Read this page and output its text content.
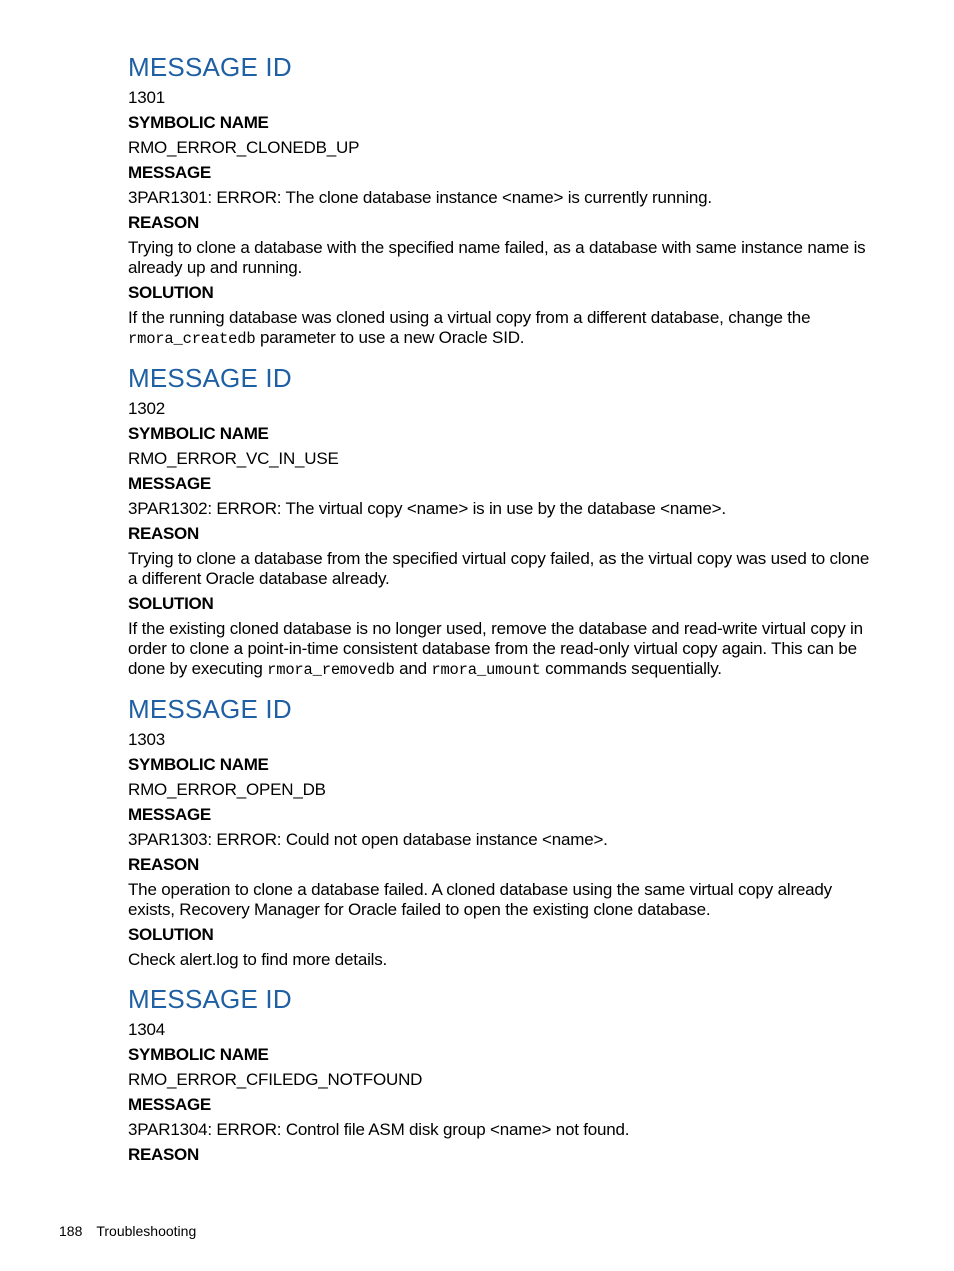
MESSAGE ID
1301
SYMBOLIC NAME
RMO_ERROR_CLONEDB_UP
MESSAGE
3PAR1301: ERROR: The clone database instance <name> is currently running.
REASON
Trying to clone a database with the specified name failed, as a database with same instance name is already up and running.
SOLUTION
If the running database was cloned using a virtual copy from a different database, change the rmora_createdb parameter to use a new Oracle SID.
MESSAGE ID
1302
SYMBOLIC NAME
RMO_ERROR_VC_IN_USE
MESSAGE
3PAR1302: ERROR: The virtual copy <name> is in use by the database <name>.
REASON
Trying to clone a database from the specified virtual copy failed, as the virtual copy was used to clone a different Oracle database already.
SOLUTION
If the existing cloned database is no longer used, remove the database and read-write virtual copy in order to clone a point-in-time consistent database from the read-only virtual copy again. This can be done by executing rmora_removedb and rmora_umount commands sequentially.
MESSAGE ID
1303
SYMBOLIC NAME
RMO_ERROR_OPEN_DB
MESSAGE
3PAR1303: ERROR: Could not open database instance <name>.
REASON
The operation to clone a database failed. A cloned database using the same virtual copy already exists, Recovery Manager for Oracle failed to open the existing clone database.
SOLUTION
Check alert.log to find more details.
MESSAGE ID
1304
SYMBOLIC NAME
RMO_ERROR_CFILEDG_NOTFOUND
MESSAGE
3PAR1304: ERROR: Control file ASM disk group <name> not found.
REASON
188 Troubleshooting
